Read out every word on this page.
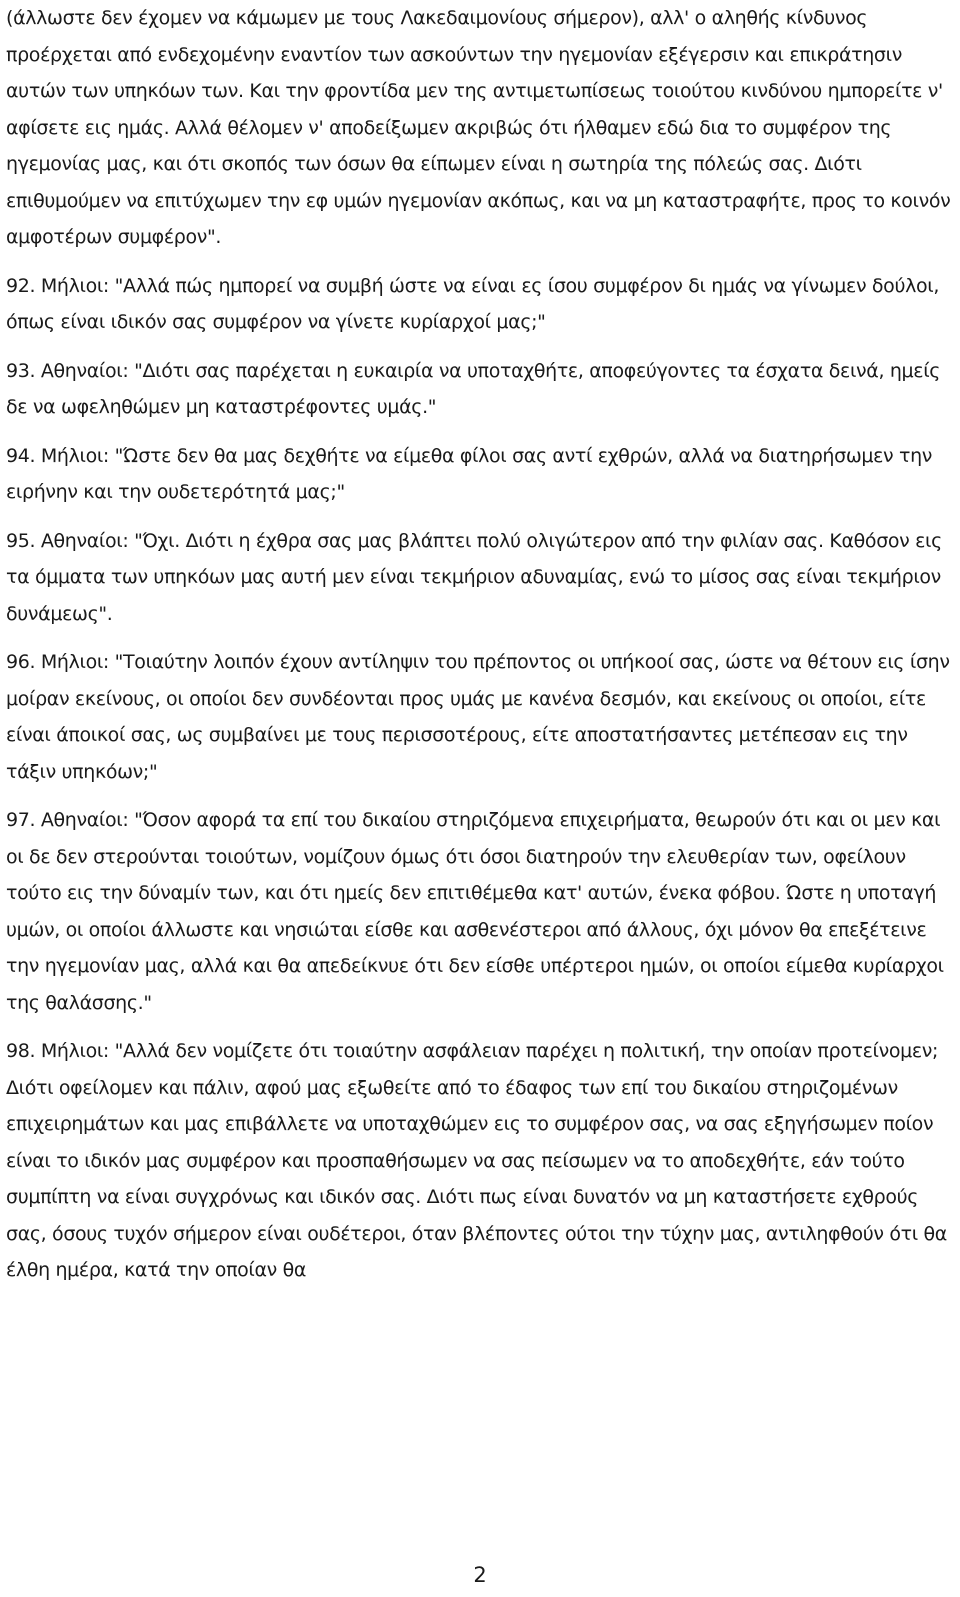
(άλλωστε δεν έχομεν να κάμωμεν με τους Λακεδαιμονίους σήμερον), αλλ' ο αληθής κίνδυνος προέρχεται από ενδεχομένην εναντίον των ασκούντων την ηγεμονίαν εξέγερσιν και επικράτησιν αυτών των υπηκόων των. Και την φροντίδα μεν της αντιμετωπίσεως τοιούτου κινδύνου ημπορείτε ν' αφίσετε εις ημάς. Αλλά θέλομεν ν' αποδείξωμεν ακριβώς ότι ήλθαμεν εδώ δια το συμφέρον της ηγεμονίας μας, και ότι σκοπός των όσων θα είπωμεν είναι η σωτηρία της πόλεώς σας. Διότι επιθυμούμεν να επιτύχωμεν την εφ υμών ηγεμονίαν ακόπως, και να μη καταστραφήτε, προς το κοινόν αμφοτέρων συμφέρον".

92. Μήλιοι: "Αλλά πώς ημπορεί να συμβή ώστε να είναι ες ίσου συμφέρον δι ημάς να γίνωμεν δούλοι, όπως είναι ιδικόν σας συμφέρον να γίνετε κυρίαρχοί μας;"

93. Αθηναίοι: "Διότι σας παρέχεται η ευκαιρία να υποταχθήτε, αποφεύγοντες τα έσχατα δεινά, ημείς δε να ωφεληθώμεν μη καταστρέφοντες υμάς."

94. Μήλιοι: "Ώστε δεν θα μας δεχθήτε να είμεθα φίλοι σας αντί εχθρών, αλλά να διατηρήσωμεν την ειρήνην και την ουδετερότητά μας;"

95. Αθηναίοι: "Όχι. Διότι η έχθρα σας μας βλάπτει πολύ ολιγώτερον από την φιλίαν σας. Καθόσον εις τα όμματα των υπηκόων μας αυτή μεν είναι τεκμήριον αδυναμίας, ενώ το μίσος σας είναι τεκμήριον δυνάμεως".

96. Μήλιοι: "Τοιαύτην λοιπόν έχουν αντίληψιν του πρέποντος οι υπήκοοί σας, ώστε να θέτουν εις ίσην μοίραν εκείνους, οι οποίοι δεν συνδέονται προς υμάς με κανένα δεσμόν, και εκείνους οι οποίοι, είτε είναι άποικοί σας, ως συμβαίνει με τους περισσοτέρους, είτε αποστατήσαντες μετέπεσαν εις την τάξιν υπηκόων;"

97. Αθηναίοι: "Όσον αφορά τα επί του δικαίου στηριζόμενα επιχειρήματα, θεωρούν ότι και οι μεν και οι δε δεν στερούνται τοιούτων, νομίζουν όμως ότι όσοι διατηρούν την ελευθερίαν των, οφείλουν τούτο εις την δύναμίν των, και ότι ημείς δεν επιτιθέμεθα κατ' αυτών, ένεκα φόβου. Ώστε η υποταγή υμών, οι οποίοι άλλωστε και νησιώται είσθε και ασθενέστεροι από άλλους, όχι μόνον θα επεξέτεινε την ηγεμονίαν μας, αλλά και θα απεδείκνυε ότι δεν είσθε υπέρτεροι ημών, οι οποίοι είμεθα κυρίαρχοι της θαλάσσης."

98. Μήλιοι: "Αλλά δεν νομίζετε ότι τοιαύτην ασφάλειαν παρέχει η πολιτική, την οποίαν προτείνομεν; Διότι οφείλομεν και πάλιν, αφού μας εξωθείτε από το έδαφος των επί του δικαίου στηριζομένων επιχειρημάτων και μας επιβάλλετε να υποταχθώμεν εις το συμφέρον σας, να σας εξηγήσωμεν ποίον είναι το ιδικόν μας συμφέρον και προσπαθήσωμεν να σας πείσωμεν να το αποδεχθήτε, εάν τούτο συμπίπτη να είναι συγχρόνως και ιδικόν σας. Διότι πως είναι δυνατόν να μη καταστήσετε εχθρούς σας, όσους τυχόν σήμερον είναι ουδέτεροι, όταν βλέποντες ούτοι την τύχην μας, αντιληφθούν ότι θα έλθη ημέρα, κατά την οποίαν θα

2
